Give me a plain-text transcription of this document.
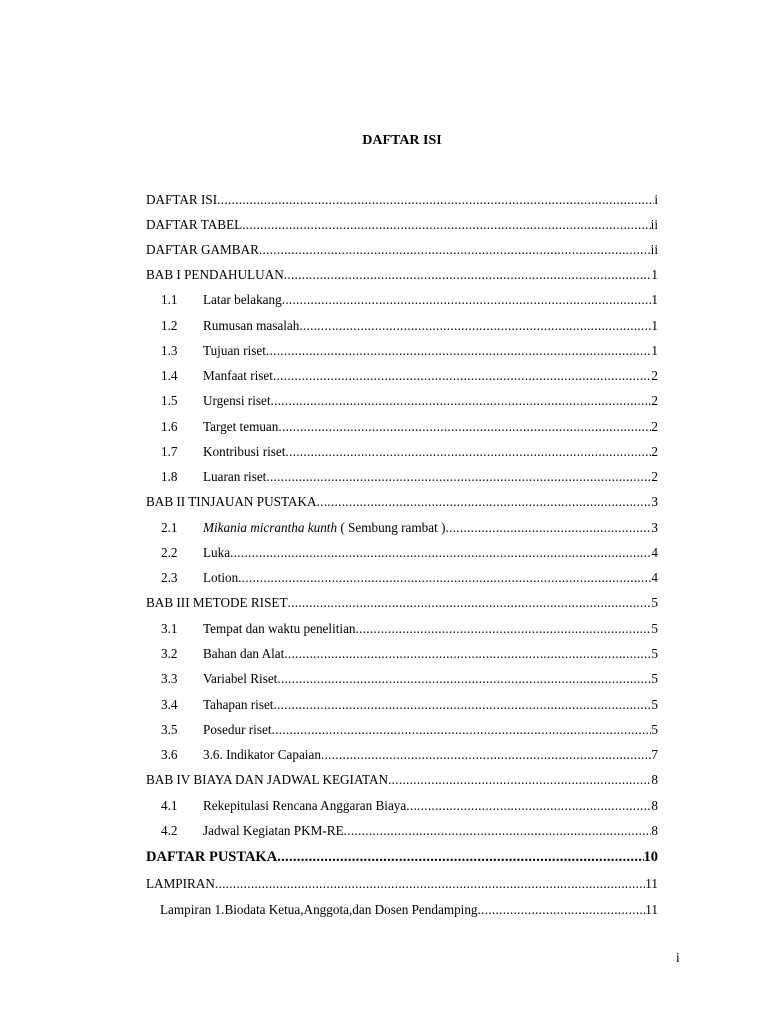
DAFTAR ISI
DAFTAR ISI .....	i
DAFTAR TABEL .....	ii
DAFTAR GAMBAR .....	ii
BAB I PENDAHULUAN .....	1
1.1	Latar belakang .....	1
1.2	Rumusan masalah .....	1
1.3	Tujuan riset .....	1
1.4	Manfaat riset .....	2
1.5	Urgensi riset .....	2
1.6	Target temuan .....	2
1.7	Kontribusi riset .....	2
1.8	Luaran riset .....	2
BAB II TINJAUAN PUSTAKA .....	3
2.1	Mikania micrantha kunth ( Sembung rambat ) .....	3
2.2	Luka .....	4
2.3	Lotion .....	4
BAB III METODE RISET .....	5
3.1	Tempat dan waktu penelitian .....	5
3.2	Bahan dan Alat .....	5
3.3	Variabel Riset .....	5
3.4	Tahapan riset .....	5
3.5	Posedur riset .....	5
3.6	3.6. Indikator Capaian .....	7
BAB IV BIAYA DAN JADWAL KEGIATAN .....	8
4.1	Rekepitulasi Rencana Anggaran Biaya .....	8
4.2	Jadwal Kegiatan PKM-RE .....	8
DAFTAR PUSTAKA .....	10
LAMPIRAN .....	11
Lampiran 1.Biodata Ketua,Anggota,dan Dosen Pendamping .....	11
i
